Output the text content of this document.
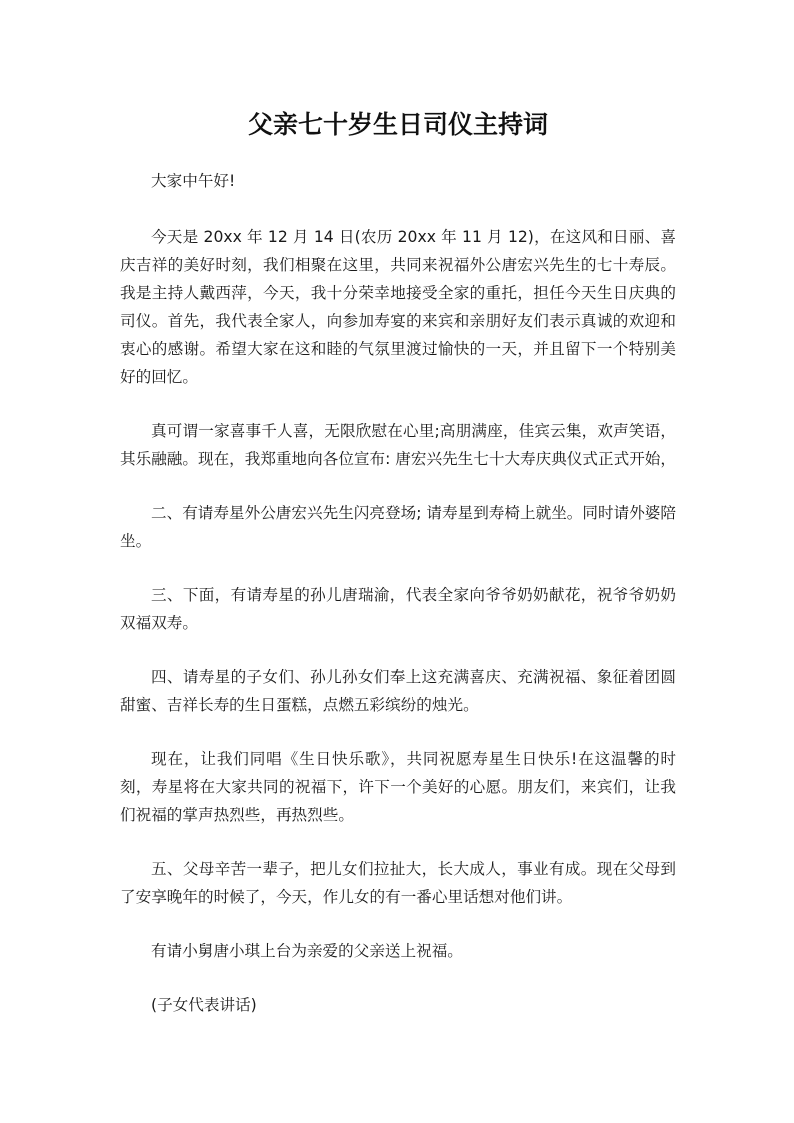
父亲七十岁生日司仪主持词

大家中午好!

今天是 20xx 年 12 月 14 日(农历 20xx 年 11 月 12)，在这风和日丽、喜庆吉祥的美好时刻，我们相聚在这里，共同来祝福外公唐宏兴先生的七十寿辰。我是主持人戴西萍，今天，我十分荣幸地接受全家的重托，担任今天生日庆典的司仪。首先，我代表全家人，向参加寿宴的来宾和亲朋好友们表示真诚的欢迎和衷心的感谢。希望大家在这和睦的气氛里渡过愉快的一天，并且留下一个特别美好的回忆。

真可谓一家喜事千人喜，无限欣慰在心里;高朋满座，佳宾云集，欢声笑语，其乐融融。现在，我郑重地向各位宣布: 唐宏兴先生七十大寿庆典仪式正式开始，

二、有请寿星外公唐宏兴先生闪亮登场; 请寿星到寿椅上就坐。同时请外婆陪坐。

三、下面，有请寿星的孙儿唐瑞渝，代表全家向爷爷奶奶献花，祝爷爷奶奶双福双寿。

四、请寿星的子女们、孙儿孙女们奉上这充满喜庆、充满祝福、象征着团圆甜蜜、吉祥长寿的生日蛋糕，点燃五彩缤纷的烛光。

现在，让我们同唱《生日快乐歌》，共同祝愿寿星生日快乐!在这温馨的时刻，寿星将在大家共同的祝福下，许下一个美好的心愿。朋友们，来宾们，让我们祝福的掌声热烈些，再热烈些。

五、父母辛苦一辈子，把儿女们拉扯大，长大成人，事业有成。现在父母到了安享晚年的时候了，今天，作儿女的有一番心里话想对他们讲。

有请小舅唐小琪上台为亲爱的父亲送上祝福。

(子女代表讲话)
